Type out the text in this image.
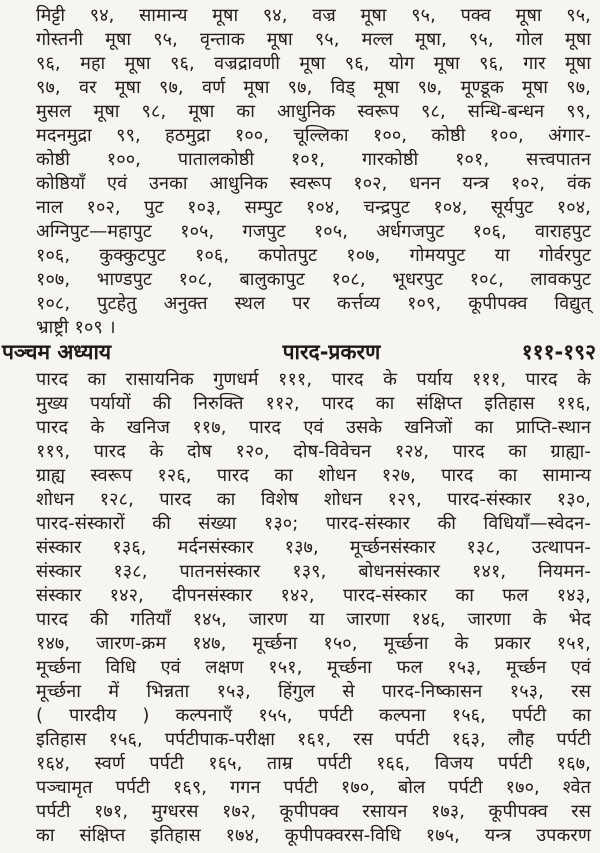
मिट्टी ९४, सामान्य मूषा ९४, वज्र मूषा ९५, पक्व मूषा ९५,
गोस्तनी मूषा ९५, वृन्ताक मूषा ९५, मल्ल मूषा, ९५, गोल मूषा
९६, महा मूषा ९६, वज्रद्रावणी मूषा ९६, योग मूषा ९६, गार मूषा
९७, वर मूषा ९७, वर्ण मूषा ९७, विड् मूषा ९७, मूण्डूक मूषा ९७,
मुसल मूषा ९८, मूषा का आधुनिक स्वरूप ९८, सन्धि-बन्धन ९९,
मदनमुद्रा ९९, हठमुद्रा १००, चूल्लिका १००, कोष्ठी १००, अंगार-
कोष्ठी १००, पातालकोष्ठी १०१, गारकोष्ठी १०१, सत्त्वपातन
कोष्ठियाँ एवं उनका आधुनिक स्वरूप १०२, धनन यन्त्र १०२, वंक
नाल १०२, पुट १०३, सम्पुट १०४, चन्द्रपुट १०४, सूर्यपुट १०४,
अग्निपुट—महापुट १०५, गजपुट १०५, अर्धगजपुट १०६, वाराहपुट
१०६, कुक्कुटपुट १०६, कपोतपुट १०७, गोमयपुट या गोर्वरपुट
१०७, भाण्डपुट १०८, बालुकापुट १०८, भूधरपुट १०८, लावकपुट
१०८, पुटहेतु अनुक्त स्थल पर कर्त्तव्य १०९, कूपीपक्व विद्युत्
भ्राष्ट्री १०९ ।
पञ्चम अध्याय	पारद-प्रकरण	१११-१९२
पारद का रासायनिक गुणधर्म १११, पारद के पर्याय १११, पारद के
मुख्य पर्यायों की निरुक्ति ११२, पारद का संक्षिप्त इतिहास ११६,
पारद के खनिज ११७, पारद एवं उसके खनिजों का प्राप्ति-स्थान
११९, पारद के दोष १२०, दोष-विवेचन १२४, पारद का ग्राह्या-
ग्राह्य स्वरूप १२६, पारद का शोधन १२७, पारद का सामान्य
शोधन १२८, पारद का विशेष शोधन १२९, पारद-संस्कार १३०,
पारद-संस्कारों की संख्या १३०; पारद-संस्कार की विधियाँ—स्वेदन-
संस्कार १३६, मर्दनसंस्कार १३७, मूर्च्छनसंस्कार १३८, उत्थापन-
संस्कार १३८, पातनसंस्कार १३९, बोधनसंस्कार १४१, नियमन-
संस्कार १४२, दीपनसंस्कार १४२, पारद-संस्कार का फल १४३,
पारद की गतियाँ १४५, जारण या जारणा १४६, जारणा के भेद
१४७, जारण-क्रम १४७, मूर्च्छना १५०, मूर्च्छना के प्रकार १५१,
मूर्च्छना विधि एवं लक्षण १५१, मूर्च्छना फल १५३, मूर्च्छन एवं
मूर्च्छना में भिन्नता १५३, हिंगुल से पारद-निष्कासन १५३, रस
( पारदीय ) कल्पनाएँ १५५, पर्पटी कल्पना १५६, पर्पटी का
इतिहास १५६, पर्पटीपाक-परीक्षा १६१, रस पर्पटी १६३, लौह पर्पटी
१६४, स्वर्ण पर्पटी १६५, ताम्र पर्पटी १६६, विजय पर्पटी १६७,
पञ्चामृत पर्पटी १६९, गगन पर्पटी १७०, बोल पर्पटी १७०, श्वेत
पर्पटी १७१, मुग्धरस १७२, कूपीपक्व रसायन १७३, कूपीपक्व रस
का संक्षिप्त इतिहास १७४, कूपीपक्वरस-विधि १७५, यन्त्र उपकरण
